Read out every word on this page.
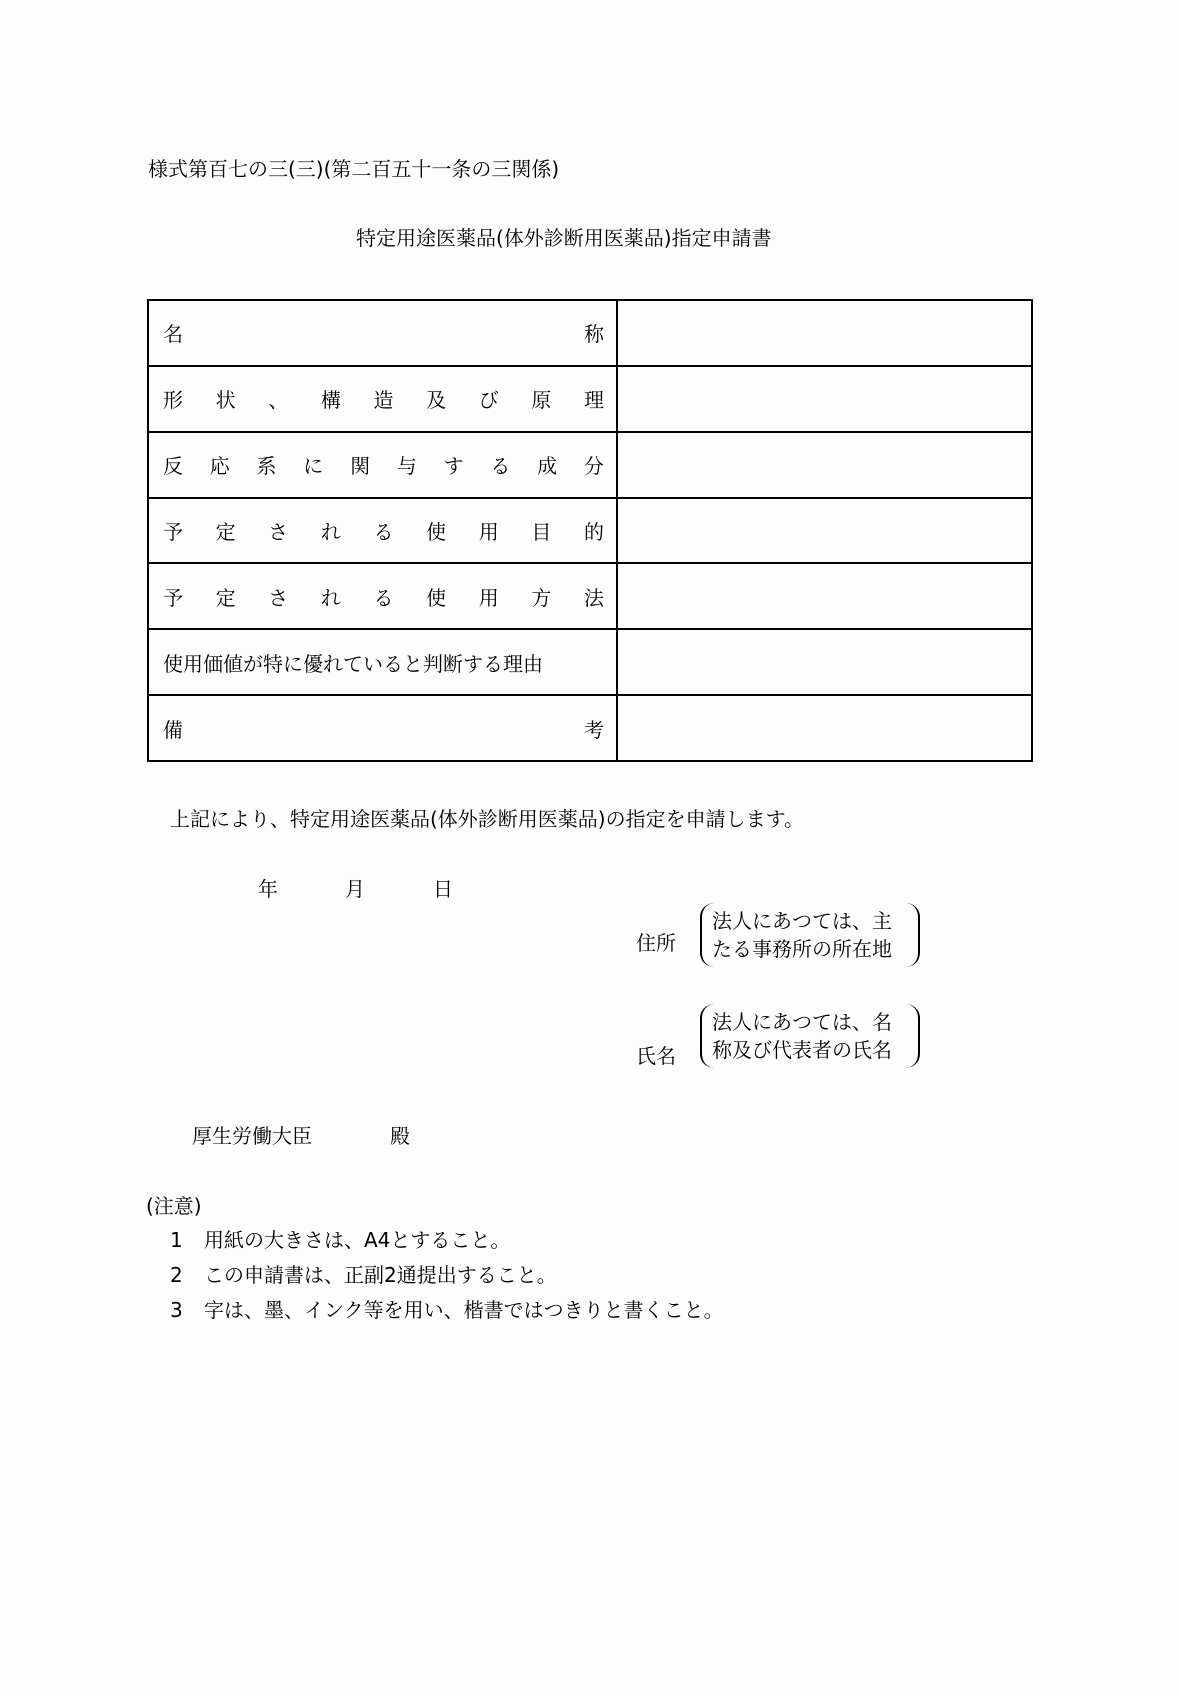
様式第百七の三(三)(第二百五十一条の三関係)
特定用途医薬品(体外診断用医薬品)指定申請書
名 称	

形 状 、 構 造 及 び 原 理

反 応 系 に 関 与 す る 成 分

予 定 さ れ る 使 用 目 的

予 定 さ れ る 使 用 方 法

使用価値が特に優れていると判断する理由	

備 考	

上記により、特定用途医薬品(体外診断用医薬品)の指定を申請します。
年	月	日
住所
法人にあつては、主
たる事務所の所在地
氏名
法人にあつては、名
称及び代表者の氏名
厚生労働大臣	殿
(注意)
1 用紙の大きさは、A4とすること。
2 この申請書は、正副2通提出すること。
3 字は、墨、インク等を用い、楷書ではつきりと書くこと。
